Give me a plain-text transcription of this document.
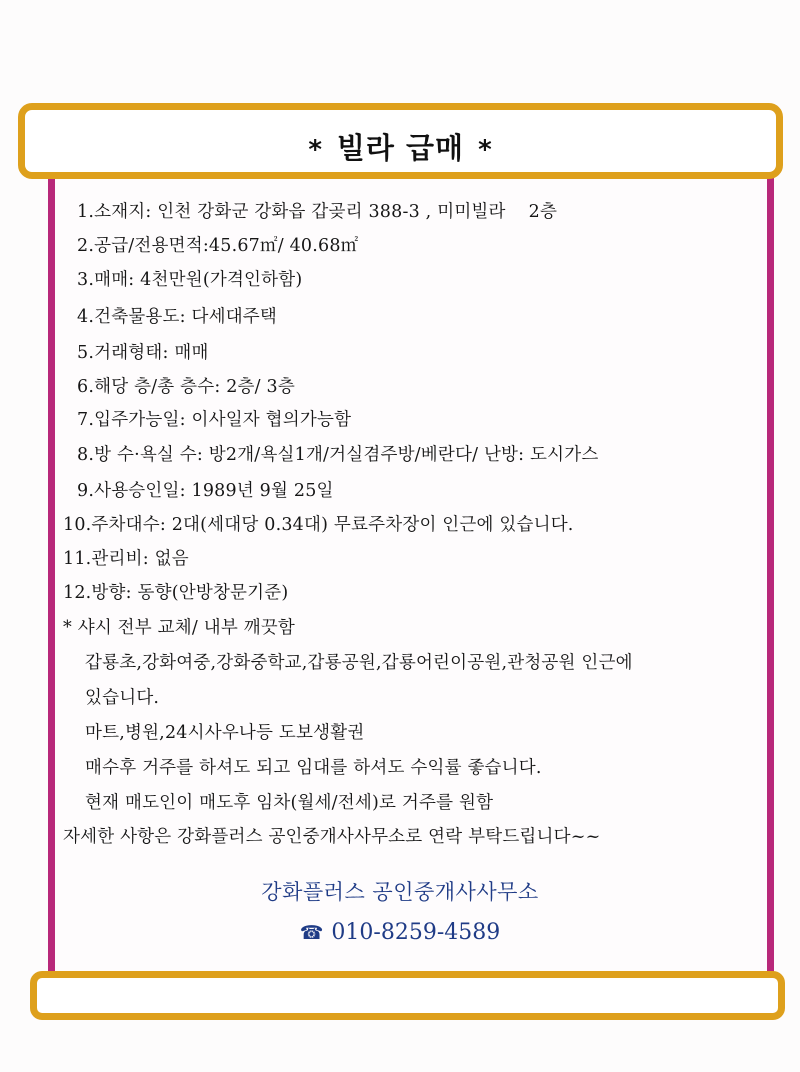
* 빌라 급매 *
1.소재지: 인천 강화군 강화읍 갑곶리 388-3 , 미미빌라    2층
2.공급/전용면적:45.67㎡/ 40.68㎡
3.매매: 4천만원(가격인하함)
4.건축물용도: 다세대주택
5.거래형태: 매매
6.해당 층/총 층수: 2층/ 3층
7.입주가능일: 이사일자 협의가능함
8.방 수·욕실 수: 방2개/욕실1개/거실겸주방/베란다/ 난방: 도시가스
9.사용승인일: 1989년 9월 25일
10.주차대수: 2대(세대당 0.34대) 무료주차장이 인근에 있습니다.
11.관리비: 없음
12.방향: 동향(안방창문기준)
* 샤시 전부 교체/ 내부 깨끗함
갑룡초,강화여중,강화중학교,갑룡공원,갑룡어린이공원,관청공원 인근에
있습니다.
마트,병원,24시사우나등 도보생활권
매수후 거주를 하셔도 되고 임대를 하셔도 수익률 좋습니다.
현재 매도인이 매도후 임차(월세/전세)로 거주를 원함
자세한 사항은 강화플러스 공인중개사사무소로 연락 부탁드립니다~~
강화플러스 공인중개사사무소
☎ 010-8259-4589
